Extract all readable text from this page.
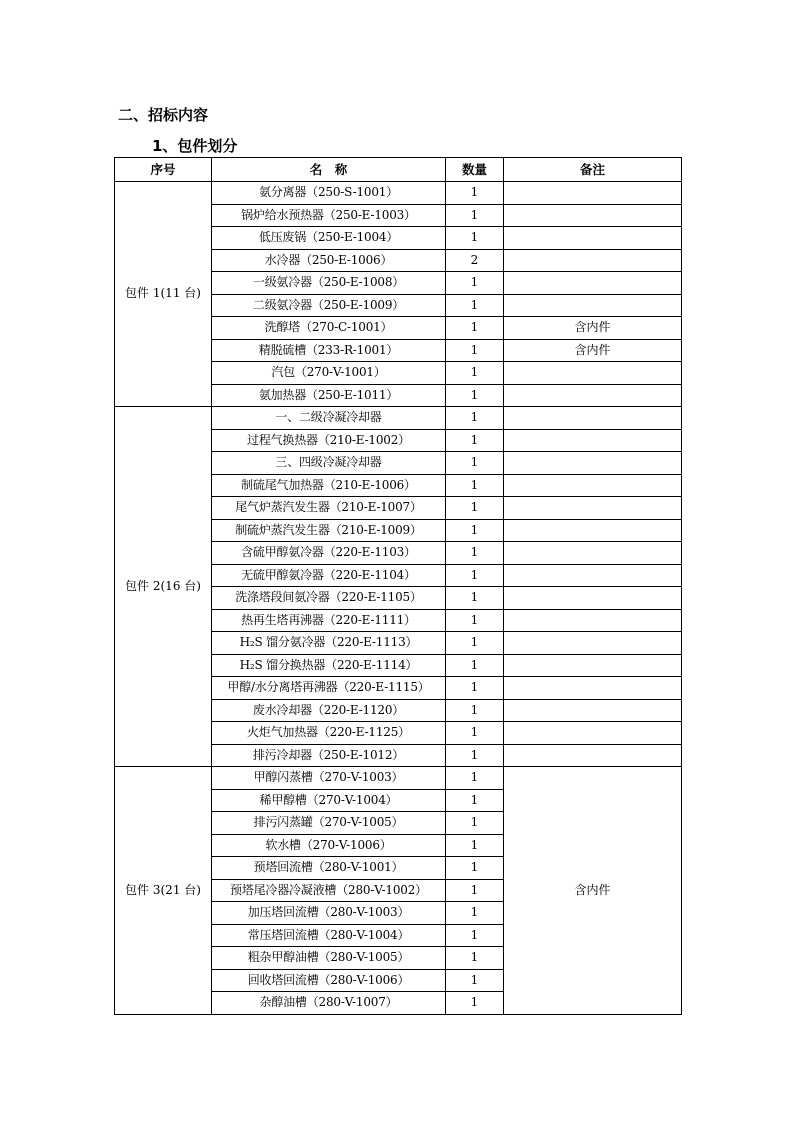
二、招标内容
1、包件划分
序号	名　称	数量	备注
包件 1(11 台)	氨分离器（250-S-1001）	1	
	锅炉给水预热器（250-E-1003）	1	
	低压废锅（250-E-1004）	1	
	水冷器（250-E-1006）	2	
	一级氨冷器（250-E-1008）	1	
	二级氨冷器（250-E-1009）	1	
	洗醇塔（270-C-1001）	1	含内件
	精脱硫槽（233-R-1001）	1	含内件
	汽包（270-V-1001）	1	
	氨加热器（250-E-1011）	1	
包件 2(16 台)	一、二级冷凝冷却器	1	
	过程气换热器（210-E-1002）	1	
	三、四级冷凝冷却器	1	
	制硫尾气加热器（210-E-1006）	1	
	尾气炉蒸汽发生器（210-E-1007）	1	
	制硫炉蒸汽发生器（210-E-1009）	1	
	含硫甲醇氨冷器（220-E-1103）	1	
	无硫甲醇氨冷器（220-E-1104）	1	
	洗涤塔段间氨冷器（220-E-1105）	1	
	热再生塔再沸器（220-E-1111）	1	
	H₂S 馏分氨冷器（220-E-1113）	1	
	H₂S 馏分换热器（220-E-1114）	1	
	甲醇/水分离塔再沸器（220-E-1115）	1	
	废水冷却器（220-E-1120）	1	
	火炬气加热器（220-E-1125）	1	
	排污冷却器（250-E-1012）	1	
包件 3(21 台)	甲醇闪蒸槽（270-V-1003）	1	含内件
	稀甲醇槽（270-V-1004）	1	
	排污闪蒸罐（270-V-1005）	1	
	软水槽（270-V-1006）	1	
	预塔回流槽（280-V-1001）	1	
	预塔尾冷器冷凝液槽（280-V-1002）	1	
	加压塔回流槽（280-V-1003）	1	
	常压塔回流槽（280-V-1004）	1	
	粗杂甲醇油槽（280-V-1005）	1	
	回收塔回流槽（280-V-1006）	1	
	杂醇油槽（280-V-1007）	1	
